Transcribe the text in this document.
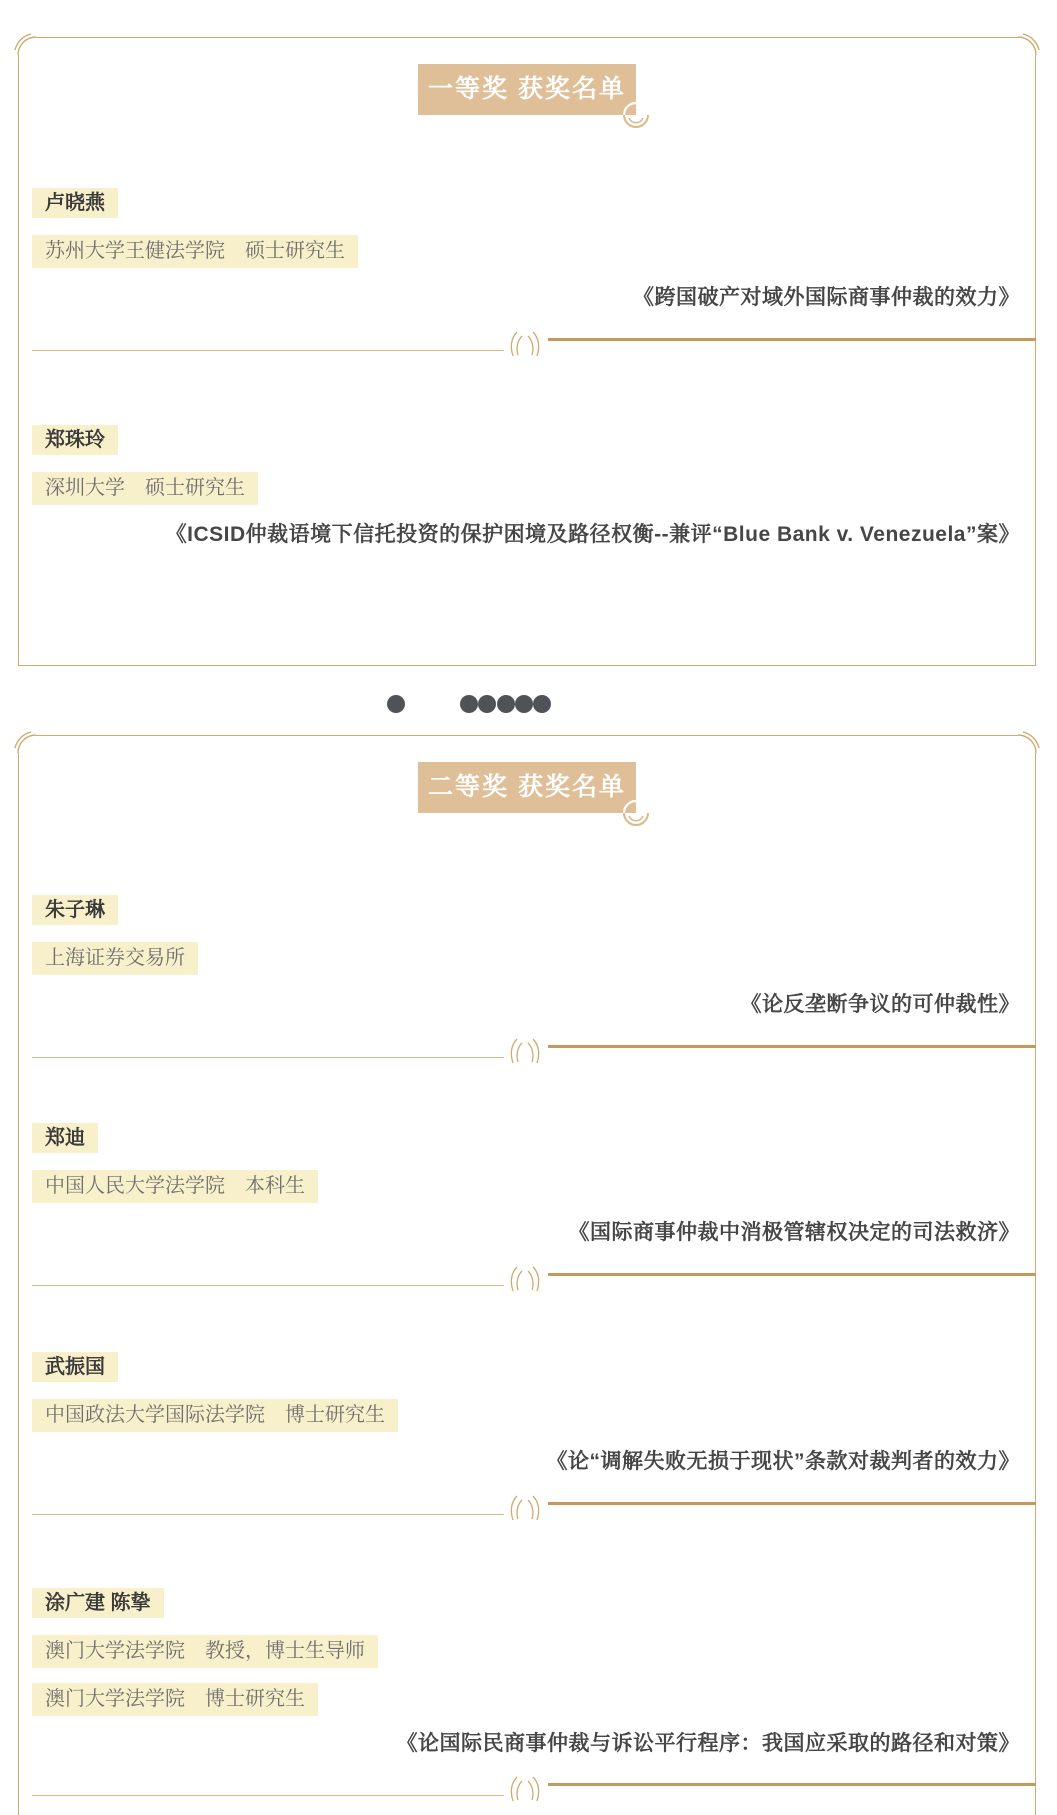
一等奖 获奖名单
卢晓燕
苏州大学王健法学院　硕士研究生
《跨国破产对域外国际商事仲裁的效力》
郑珠玲
深圳大学　硕士研究生
《ICSID仲裁语境下信托投资的保护困境及路径权衡--兼评“Blue Bank v. Venezuela”案》
二等奖 获奖名单
朱子琳
上海证券交易所
《论反垄断争议的可仲裁性》
郑迪
中国人民大学法学院　本科生
《国际商事仲裁中消极管辖权决定的司法救济》
武振国
中国政法大学国际法学院　博士研究生
《论“调解失败无损于现状”条款对裁判者的效力》
涂广建 陈挚
澳门大学法学院　教授，博士生导师
澳门大学法学院　博士研究生
《论国际民商事仲裁与诉讼平行程序：我国应采取的路径和对策》
